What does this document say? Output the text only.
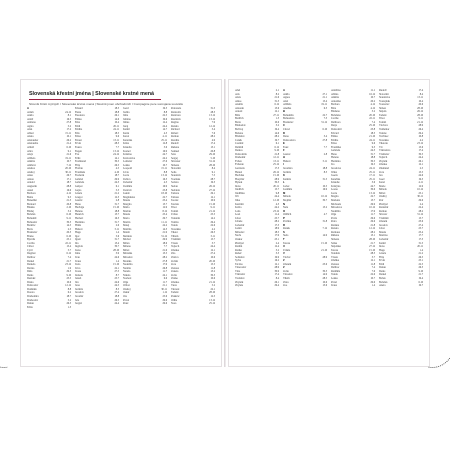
Slovenská křestní jména | Slovenské krstné mená
Slovník Kristi mýtných / Slovenské krstné mená | Slovník jmen obchodních / Compagnie pere somsjana souvislá
A
Adam	24.12
Adela	8.1
Adolf	16.5
Adriana	27.8
Agáta	5.2
Alan	17.2
Albert	15.11
Alena	10.1
Alexander	26.2
Alexandra	21.4
Alfréd	6.10
Alica	9.1
Alojz	21.6
Alžbeta	19.11
Amália	10.7
Ambróz	7.12
Andrea	20.10
Andrej	30.11
Anna	26.7
Anton	17.1
Arnold	18.7
Augustín	28.8
Aurel	16.6
Barbora	4.12
Beáta	9.5
Benedikt	21.3
Bernard	20.8
Blanka	2.10
Blažej	3.2
Bohdan	6.10
Bohumil	9.11
Bohuslav	30.3
Bonifác	14.5
Boris	2.5
Branislav	20.3
Bruno	6.10
Bystrík	25.1
Cecília	22.11
Ctibor	15.4
Cyril	5.7
Dagmar	6.12
Dalibor	7.4
Daniel	21.7
Daniela	23.12
Darina	1.9
Dáša	29.3
Denis	9.10
Dezider	23.5
Diana	10.6
Dobroslav	12.12
Dominik	8.8
Dorota	6.2
Drahomíra	18.7
Drahoslav	5.2
Dušan	26.3
Edita	1.3
Eduard	18.3
Elena	18.8
Eleonóra	26.1
Eliška	14.6
Ema	10.4
Emil	26.11
Emília	24.11
Erik	18.5
Erika	9.6
Ernest	13.11
Ervín	28.3
Estera	7.7
Eugen	13.12
Eva	24.12
Félix	14.1
Ferdinand	30.5
Filip	26.5
Flórián	4.5
František	4.10
Frederik	18.7
Gabriel	29.9
Gabriela	24.3
Gašpar	6.1
Gejza	5.3
Gizela	21.2
Gregor	12.3
Gustáv	2.8
Hana	31.7
Hedviga	15.10
Helena	18.8
Henrich	13.7
Herbert	16.3
Hermína	31.7
Hilda	2.6
Hubert	3.11
Hugo	1.4
Igor	5.6
Ignác	31.7
Ida	13.4
Ingrida	30.7
Irena	28.10
Irma	3.9
Ivan	24.6
Ivana	1.4
Iveta	15.10
Ivica	22.1
Ivona	27.5
Izabela	8.7
Jakub	25.7
Ján	24.6
Jana	24.5
Jarmila	8.3
Jaroslav	27.4
Jaromír	18.8
Jela	26.5
Jerguš	24.4
Jozef	19.3
Judita	8.8
Júlia	22.5
Juliána	19.6
Július	12.4
Juraj	24.4
Kamil	14.7
Karin	4.3
Karol	4.11
Katarína	25.11
Klára	12.8
Klaudia	3.6
Kornel	16.9
Kristína	24.7
Kvetoslava	24.2
Ladislav	27.6
Lenka	10.7
Leopold	15.11
Lívia	8.8
Lucia	13.12
Ľubica	16.3
Ľubomír	4.3
Ľudmila	16.9
Ľudovít	25.8
Lukáš	18.10
Magdaléna	22.7
Marek	25.4
Margita	13.7
Mária	12.9
Marián	8.12
Marek	25.4
Marta	29.7
Martin	11.11
Matej	24.2
Matilda	14.3
Matúš	21.9
Melánia	31.12
Michal	29.9
Milan	18.6
Milena	7.7
Miloš	21.6
Miriama	13.5
Miroslav	28.2
Monika	27.8
Nadežda	17.9
Natália	26.8
Nataša	11.7
Nikola	24.1
Norbert	6.6
Olga	11.7
Oliver	21.1
Ondrej	30.11
Oskár	1.12
Oto	25.6
Pavol	29.6
Peter	29.6
Petronela	31.5
Radoslav	28.3
Radovan	13.12
Rastislav	13.12
Regína	7.9
Renáta	12.12
Richard	3.4
Róbert	7.6
Roman	28.2
Rozália	4.9
Rudolf	17.4
Ružena	13.1
Samuel	20.8
Sára	29.10
Sergej	5.10
Silvester	31.12
Simona	28.10
Slavomír	8.4
Soňa	9.1
Stanislav	7.5
Svetlana	28.7
Šarlota	19.3
Štefan	26.12
Štefánia	27.12
Tamara	29.1
Tatiana	12.1
Teodor	10.9
Terézia	15.10
Tibor	9.11
Tomáš	21.12
Urban	25.5
Valentín	14.2
Valéria	29.4
Vanda	22.6
Veronika	4.2
Viktor	26.3
Viliam	3.11
Vladimír	15.7
Vlasta	3.7
Vojtech	24.4
Zdenka	12.1
Zita	27.4
Zlatica	10.6
Zoltán	20.10
Zora	15.5
Zuzana	11.8
Žaneta	13.2
Žofia	30.3
Zlatko	10.6
Zdenko	21.12
Viera	5.2
Vincent	22.1
Tadeáš	28.10
Pankrác	12.5
Otília	13.12
Nora	25.12
Abel	2.1
Ada	8.2
Alois	21.6
Amos	31.3
Anděla	6.12
Antonín	13.6
Arnošt	12.1
Běla	27.11
Bedřich	1.3
Berta	10.6
Blahoslav	3.2
Bořivoj	19.4
Božena	14.6
Břetislav	28.2
Čeněk	19.7
Čestmír	6.1
Dalimil	6.12
Denisa	9.10
Dobromila	21.8
Drahomír	12.11
Evžen	13.11
Evženie	25.12
Gertruda	17.3
Hanuš	26.12
Hedvika	15.10
Horymír	28.9
Hynek	30.3
Ilona	20.11
Jindřich	15.7
Jindřiška	9.8
Jiří	24.4
Jitka	12.10
Kazimír	4.3
Květa	24.2
Lada	23.12
Leoš	11.4
Libor	25.7
Libuše	28.2
Lubomír	17.3
Lumír	18.9
Miloslav	18.5
Naďa	17.9
Otakar	23.1
Přemysl	2.4
Radim	12.4
Radka	3.2
Řehoř	3.3
Soběslav	19.9
Sylva	16.2
Taťána	12.1
Věnceslav	28.9
Věra	30.9
Vítězslav	17.4
Vratislav	8.4
Zbyněk	26.1
Zbyšek	29.4
A
Adéla	27.1
Agnes	21.1
Aleš	15.4
Alžběta	19.11
Anežka	6.3
B
Bohumila	22.7
Bohuslava	7.3
Bronislav	31.12
C
Ctirad	6.10
D
Dana	3.4
Dobroslava	27.8
E
Ester	7.7
F
Gustav	2.8
H
Hubert	3.11
I
Jaromíra	18.8
Jarmila	8.3
K
Kamila	31.5
L
Lubor	10.5
Ludmila	16.9
M
Milada	10.12
Mojmír	30.7
N
Nela	13.2
O
Oldřich	4.7
P
Pavlína	31.8
R
Radek	7.12
S
Stela	14.9
T
Tereza	15.10
U
Uršula	21.10
V
Václav	28.9
Z
Zdeněk	23.6
Ž
Žofie	30.3
Věroslav	14.9
Vilém	28.5
Zlata	10.6
Zoe	13.6
Adolfína	11.1
Albína	16.12
Amálie	10.7
Arnoštka	20.2
Barbara	4.12
Bára	4.12
Blažena	3.2
Bohdana	20.10
Cecílie	22.11
Dalibora	7.4
Darja	25.10
Dobromil	23.8
Edvard	18.3
Eliška	21.10
Emílie	24.11
Erika	9.6
Františka	9.3
Gabriela	24.3
Hana	31.7
Helena	18.8
Hermína	30.5
Ivo	19.5
Jaroslava	24.11
Jiřina	25.11
Josefa	17.11
Kateřina	25.11
Klaudie	3.6
Kristýna	24.7
Leona	30.6
Lucie	13.12
Magda	22.7
Markéta	13.7
Michaela	29.9
Miroslava	10.12
Naděžda	17.9
Olga	11.7
Pavla	29.6
Petra	29.6
Radana	21.8
Renata	12.12
Romana	28.2
Růžena	13.1
Simona	28.10
Šárka	21.7
Štěpánka	27.12
Tereza	15.10
Vendula	28.3
Vlasta	3.7
Zdeňka	12.1
Zuzana	11.8
Dalibor	7.4
Radmila	7.6
Vanda	22.6
Lenka	10.7
Pavel	29.6
Ivana	1.4
Rudolf	17.4
Slavomír	8.4
Stanislava	13.11
Svatopluk	10.4
Svatoslav	20.6
Šimon	28.10
Štěpán	26.12
Tadeáš	28.10
Tibor	9.11
Tomáš	21.12
Václava	28.9
Valdemar	26.4
Valerie	29.4
Vavřinec	10.8
Veronika	4.2
Viktorie	23.12
Vít	15.6
Vítězslava	17.4
Vladislav	30.5
Vojtěch	24.4
Zbyněk	26.1
Zdenka	12.1
Zikmund	2.5
Zora	15.5
Jan	24.6
Josef	19.3
Karel	4.11
Marie	12.9
Milada	10.12
Miloš	25.1
Ondřej	30.11
Petr	29.6
Přemysl	2.4
Radomír	22.4
Roman	28.2
Silvestr	31.12
Vladimír	15.7
Zdeněk	23.6
Jaroslav	27.4
Libor	25.7
Marek	25.4
Martina	17.7
Lubomír	17.3
Kamil	31.5
Ilona	20.11
Hugo	1.4
Gizela	21.2
Filip	26.5
Ervín	25.1
Emil	22.5
Dušan	26.3
Denis	9.10
Daniel	21.7
Bořek	19.4
Bohdan	6.10
Aneta	19.7
